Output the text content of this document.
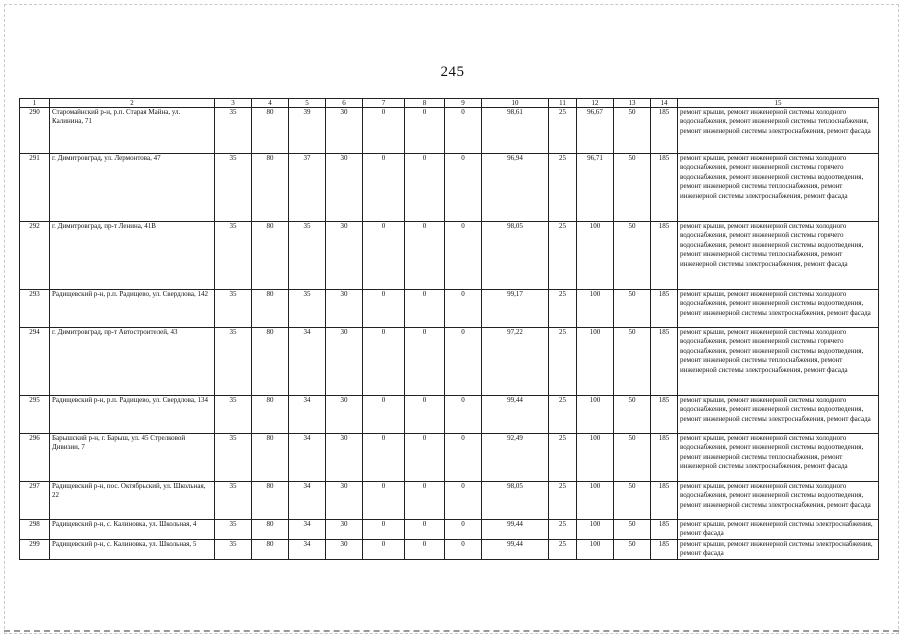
245
1	2	3	4	5	6	7	8	9	10	11	12	13	14	15
290	Старомайнский р-н, р.п. Старая Майна, ул. Калинина, 71	35	80	39	30	0	0	0	98,61	25	96,67	50	185	ремонт крыши, ремонт инженерной системы холодного водоснабжения, ремонт инженерной системы теплоснабжения, ремонт инженерной системы электроснабжения, ремонт фасада
291	г. Димитровград, ул. Лермонтова, 47	35	80	37	30	0	0	0	96,94	25	96,71	50	185	ремонт крыши, ремонт инженерной системы холодного водоснабжения, ремонт инженерной системы горячего водоснабжения, ремонт инженерной системы водоотведения, ремонт инженерной системы теплоснабжения, ремонт инженерной системы электроснабжения, ремонт фасада
292	г. Димитровград, пр-т Ленина, 41В	35	80	35	30	0	0	0	98,05	25	100	50	185	ремонт крыши, ремонт инженерной системы холодного водоснабжения, ремонт инженерной системы горячего водоснабжения, ремонт инженерной системы водоотведения, ремонт инженерной системы теплоснабжения, ремонт инженерной системы электроснабжения, ремонт фасада
293	Радищевский р-н, р.п. Радищево, ул. Свердлова, 142	35	80	35	30	0	0	0	99,17	25	100	50	185	ремонт крыши, ремонт инженерной системы холодного водоснабжения, ремонт инженерной системы водоотведения, ремонт инженерной системы электроснабжения, ремонт фасада
294	г. Димитровград, пр-т Автостроителей, 43	35	80	34	30	0	0	0	97,22	25	100	50	185	ремонт крыши, ремонт инженерной системы холодного водоснабжения, ремонт инженерной системы горячего водоснабжения, ремонт инженерной системы водоотведения, ремонт инженерной системы теплоснабжения, ремонт инженерной системы электроснабжения, ремонт фасада
295	Радищевский р-н, р.п. Радищево, ул. Свердлова, 134	35	80	34	30	0	0	0	99,44	25	100	50	185	ремонт крыши, ремонт инженерной системы холодного водоснабжения, ремонт инженерной системы водоотведения, ремонт инженерной системы электроснабжения, ремонт фасада
296	Барышский р-н, г. Барыш, ул. 45 Стрелковой Дивизии, 7	35	80	34	30	0	0	0	92,49	25	100	50	185	ремонт крыши, ремонт инженерной системы холодного водоснабжения, ремонт инженерной системы водоотведения, ремонт инженерной системы теплоснабжения, ремонт инженерной системы электроснабжения, ремонт фасада
297	Радищевский р-н, пос. Октябрьский, ул. Школьная, 22	35	80	34	30	0	0	0	98,05	25	100	50	185	ремонт крыши, ремонт инженерной системы холодного водоснабжения, ремонт инженерной системы водоотведения, ремонт инженерной системы электроснабжения, ремонт фасада
298	Радищевский р-н, с. Калиновка, ул. Школьная, 4	35	80	34	30	0	0	0	99,44	25	100	50	185	ремонт крыши, ремонт инженерной системы электроснабжения, ремонт фасада
299	Радищевский р-н, с. Калиновка, ул. Школьная, 5	35	80	34	30	0	0	0	99,44	25	100	50	185	ремонт крыши, ремонт инженерной системы электроснабжения, ремонт фасада
